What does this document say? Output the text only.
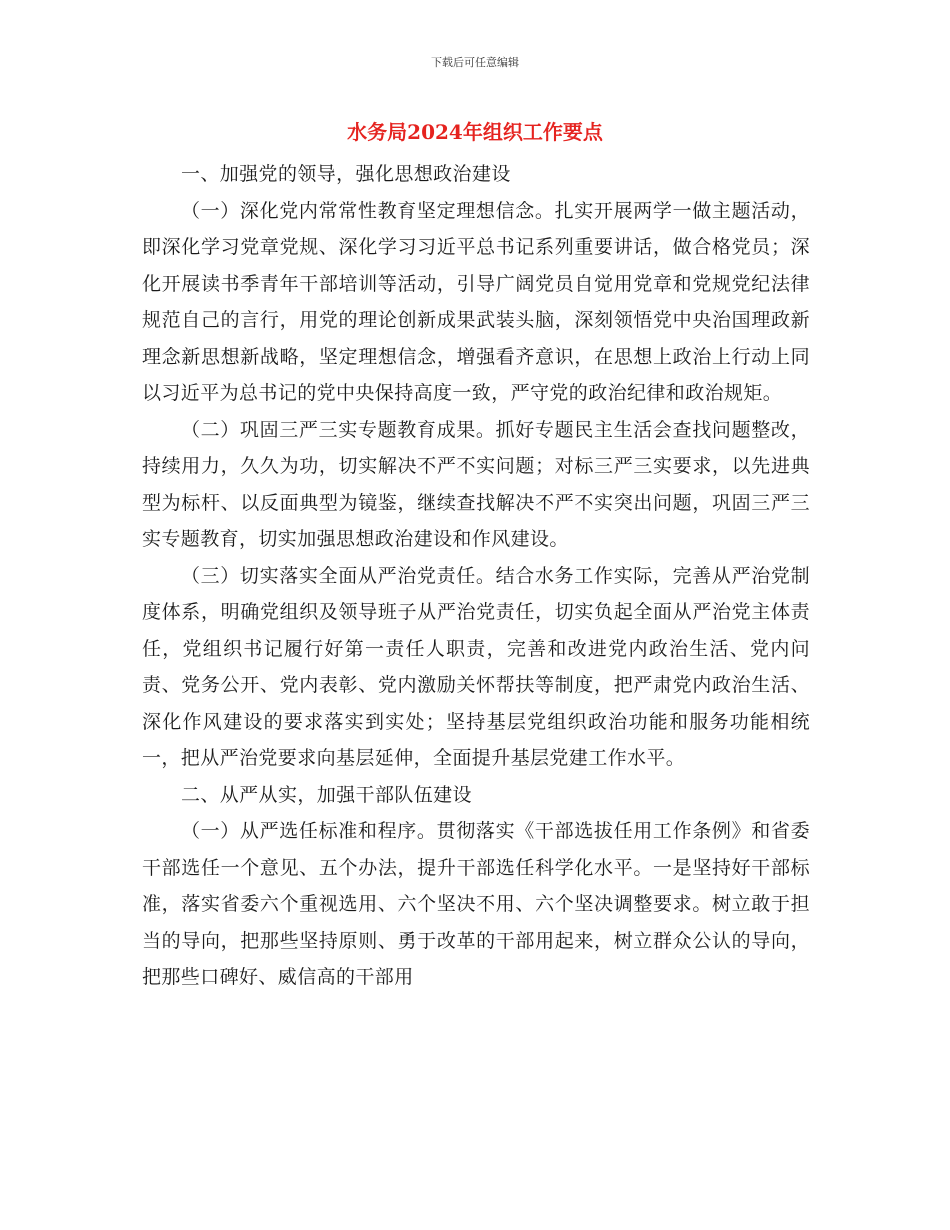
下载后可任意编辑
水务局2024年组织工作要点

一、加强党的领导，强化思想政治建设

（一）深化党内常常性教育坚定理想信念。扎实开展两学一做主题活动，即深化学习党章党规、深化学习习近平总书记系列重要讲话，做合格党员；深化开展读书季青年干部培训等活动，引导广阔党员自觉用党章和党规党纪法律规范自己的言行，用党的理论创新成果武装头脑，深刻领悟党中央治国理政新理念新思想新战略，坚定理想信念，增强看齐意识，在思想上政治上行动上同以习近平为总书记的党中央保持高度一致，严守党的政治纪律和政治规矩。

（二）巩固三严三实专题教育成果。抓好专题民主生活会查找问题整改，持续用力，久久为功，切实解决不严不实问题；对标三严三实要求，以先进典型为标杆、以反面典型为镜鉴，继续查找解决不严不实突出问题，巩固三严三实专题教育，切实加强思想政治建设和作风建设。

（三）切实落实全面从严治党责任。结合水务工作实际，完善从严治党制度体系，明确党组织及领导班子从严治党责任，切实负起全面从严治党主体责任，党组织书记履行好第一责任人职责，完善和改进党内政治生活、党内问责、党务公开、党内表彰、党内激励关怀帮扶等制度，把严肃党内政治生活、深化作风建设的要求落实到实处；坚持基层党组织政治功能和服务功能相统一，把从严治党要求向基层延伸，全面提升基层党建工作水平。

二、从严从实，加强干部队伍建设

（一）从严选任标准和程序。贯彻落实《干部选拔任用工作条例》和省委干部选任一个意见、五个办法，提升干部选任科学化水平。一是坚持好干部标准，落实省委六个重视选用、六个坚决不用、六个坚决调整要求。树立敢于担当的导向，把那些坚持原则、勇于改革的干部用起来，树立群众公认的导向，把那些口碑好、威信高的干部用
